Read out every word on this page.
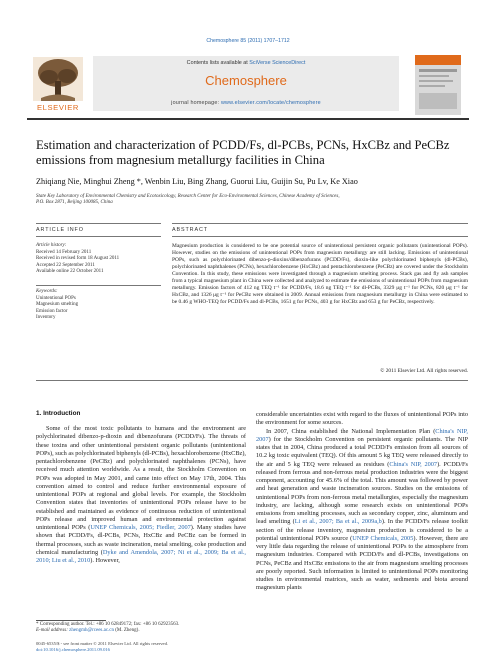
Chemosphere 85 (2011) 1707–1712
ELSEVIER
Contents lists available at SciVerse ScienceDirect
Chemosphere
journal homepage: www.elsevier.com/locate/chemosphere
Estimation and characterization of PCDD/Fs, dl-PCBs, PCNs, HxCBz and PeCBz emissions from magnesium metallurgy facilities in China
Zhiqiang Nie, Minghui Zheng *, Wenbin Liu, Bing Zhang, Guorui Liu, Guijin Su, Pu Lv, Ke Xiao
State Key Laboratory of Environmental Chemistry and Ecotoxicology, Research Center for Eco-Environmental Sciences, Chinese Academy of Sciences,
P.O. Box 2871, Beijing 100085, China
ARTICLE INFO	ABSTRACT
Article history:
Received 14 February 2011
Received in revised form 18 August 2011
Accepted 22 September 2011
Available online 22 October 2011
Keywords:
Unintentional POPs
Magnesium smelting
Emission factor
Inventory
Magnesium production is considered to be one potential source of unintentional persistent organic pollutants (unintentional POPs). However, studies on the emissions of unintentional POPs from magnesium metallurgy are still lacking. Emissions of unintentional POPs, such as polychlorinated dibenzo-p-dioxins/dibenzofurans (PCDD/Fs), dioxin-like polychlorinated biphenyls (dl-PCBs), polychlorinated naphthalenes (PCNs), hexachlorobenzene (HxCBz) and pentachlorobenzene (PeCBz) are covered under the Stockholm Convention. In this study, these emissions were investigated through a magnesium smelting process. Stack gas and fly ash samples from a typical magnesium plant in China were collected and analyzed to estimate the emissions of unintentional POPs from magnesium metallurgy. Emission factors of 412 ng TEQ t⁻¹ for PCDD/Fs, 18.6 ng TEQ t⁻¹ for dl-PCBs, 3329 μg t⁻¹ for PCNs, 820 μg t⁻¹ for HxCBz, and 1326 μg t⁻¹ for PeCBz were obtained in 2009. Annual emissions from magnesium metallurgy in China were estimated to be 0.46 g WHO-TEQ for PCDD/Fs and dl-PCBs, 1651 g for PCNs, 403 g for HxCBz and 653 g for PeCBz, respectively.
© 2011 Elsevier Ltd. All rights reserved.
1. Introduction

Some of the most toxic pollutants to humans and the environment are polychlorinated dibenzo-p-dioxin and dibenzofurans (PCDD/Fs). The threats of these toxins and other unintentional persistent organic pollutants (unintentional POPs), such as polychlorinated biphenyls (dl-PCBs), hexachlorobenzene (HxCBz), pentachlorobenzene (PeCBz) and polychlorinated naphthalenes (PCNs), have received much attention worldwide. As a result, the Stockholm Convention on POPs was adopted in May 2001, and came into effect on May 17th, 2004. This convention aimed to control and reduce further environmental exposure of unintentional POPs at regional and global levels. For example, the Stockholm Convention states that inventories of unintentional POPs release have to be established and maintained as evidence of continuous reduction of unintentional POPs release and improved human and environmental protection against unintentional POPs (UNEP Chemicals, 2005; Fiedler, 2007). Many studies have shown that PCDD/Fs, dl-PCBs, PCNs, HxCBz and PeCBz can be formed in thermal processes, such as waste incineration, metal smelting, coke production and chemical manufacturing (Dyke and Amendola, 2007; Ni et al., 2009; Ba et al., 2010; Liu et al., 2010). However,

considerable uncertainties exist with regard to the fluxes of unintentional POPs into the environment for some sources.

In 2007, China established the National Implementation Plan (China's NIP, 2007) for the Stockholm Convention on persistent organic pollutants. The NIP states that in 2004, China produced a total PCDD/Fs emission from all sources of 10.2 kg toxic equivalent (TEQ). Of this amount 5 kg TEQ were released directly to the air and 5 kg TEQ were released as residues (China's NIP, 2007). PCDD/Fs released from ferrous and non-ferrous metal production industries were the biggest component, accounting for 45.6% of the total. This amount was followed by power and heat generation and waste incineration sources. Studies on the emissions of unintentional POPs from non-ferrous metal metallurgies, especially the magnesium industry, are lacking, although some research exists on unintentional POPs emissions from smelting processes, such as secondary copper, zinc, aluminum and lead smelting (Li et al., 2007; Ba et al., 2009a,b). In the PCDD/Fs release toolkit section of the release inventory, magnesium production is considered to be a potential unintentional POPs source (UNEP Chemicals, 2005). However, there are very little data regarding the release of unintentional POPs to the atmosphere from magnesium industries. Compared with PCDD/Fs and dl-PCBs, investigations on PCNs, PeCBz and HxCBz emissions to the air from magnesium smelting processes are poorly reported. Such information is limited to unintentional POPs monitoring studies in environmental matrices, such as water, sediments and biota around magnesium plants

* Corresponding author. Tel.: +86 10 62849172; fax: +86 10 62923563.
E-mail address: zhengmh@rcees.ac.cn (M. Zheng).
0045-6535/$ - see front matter © 2011 Elsevier Ltd. All rights reserved.
doi:10.1016/j.chemosphere.2011.09.016
